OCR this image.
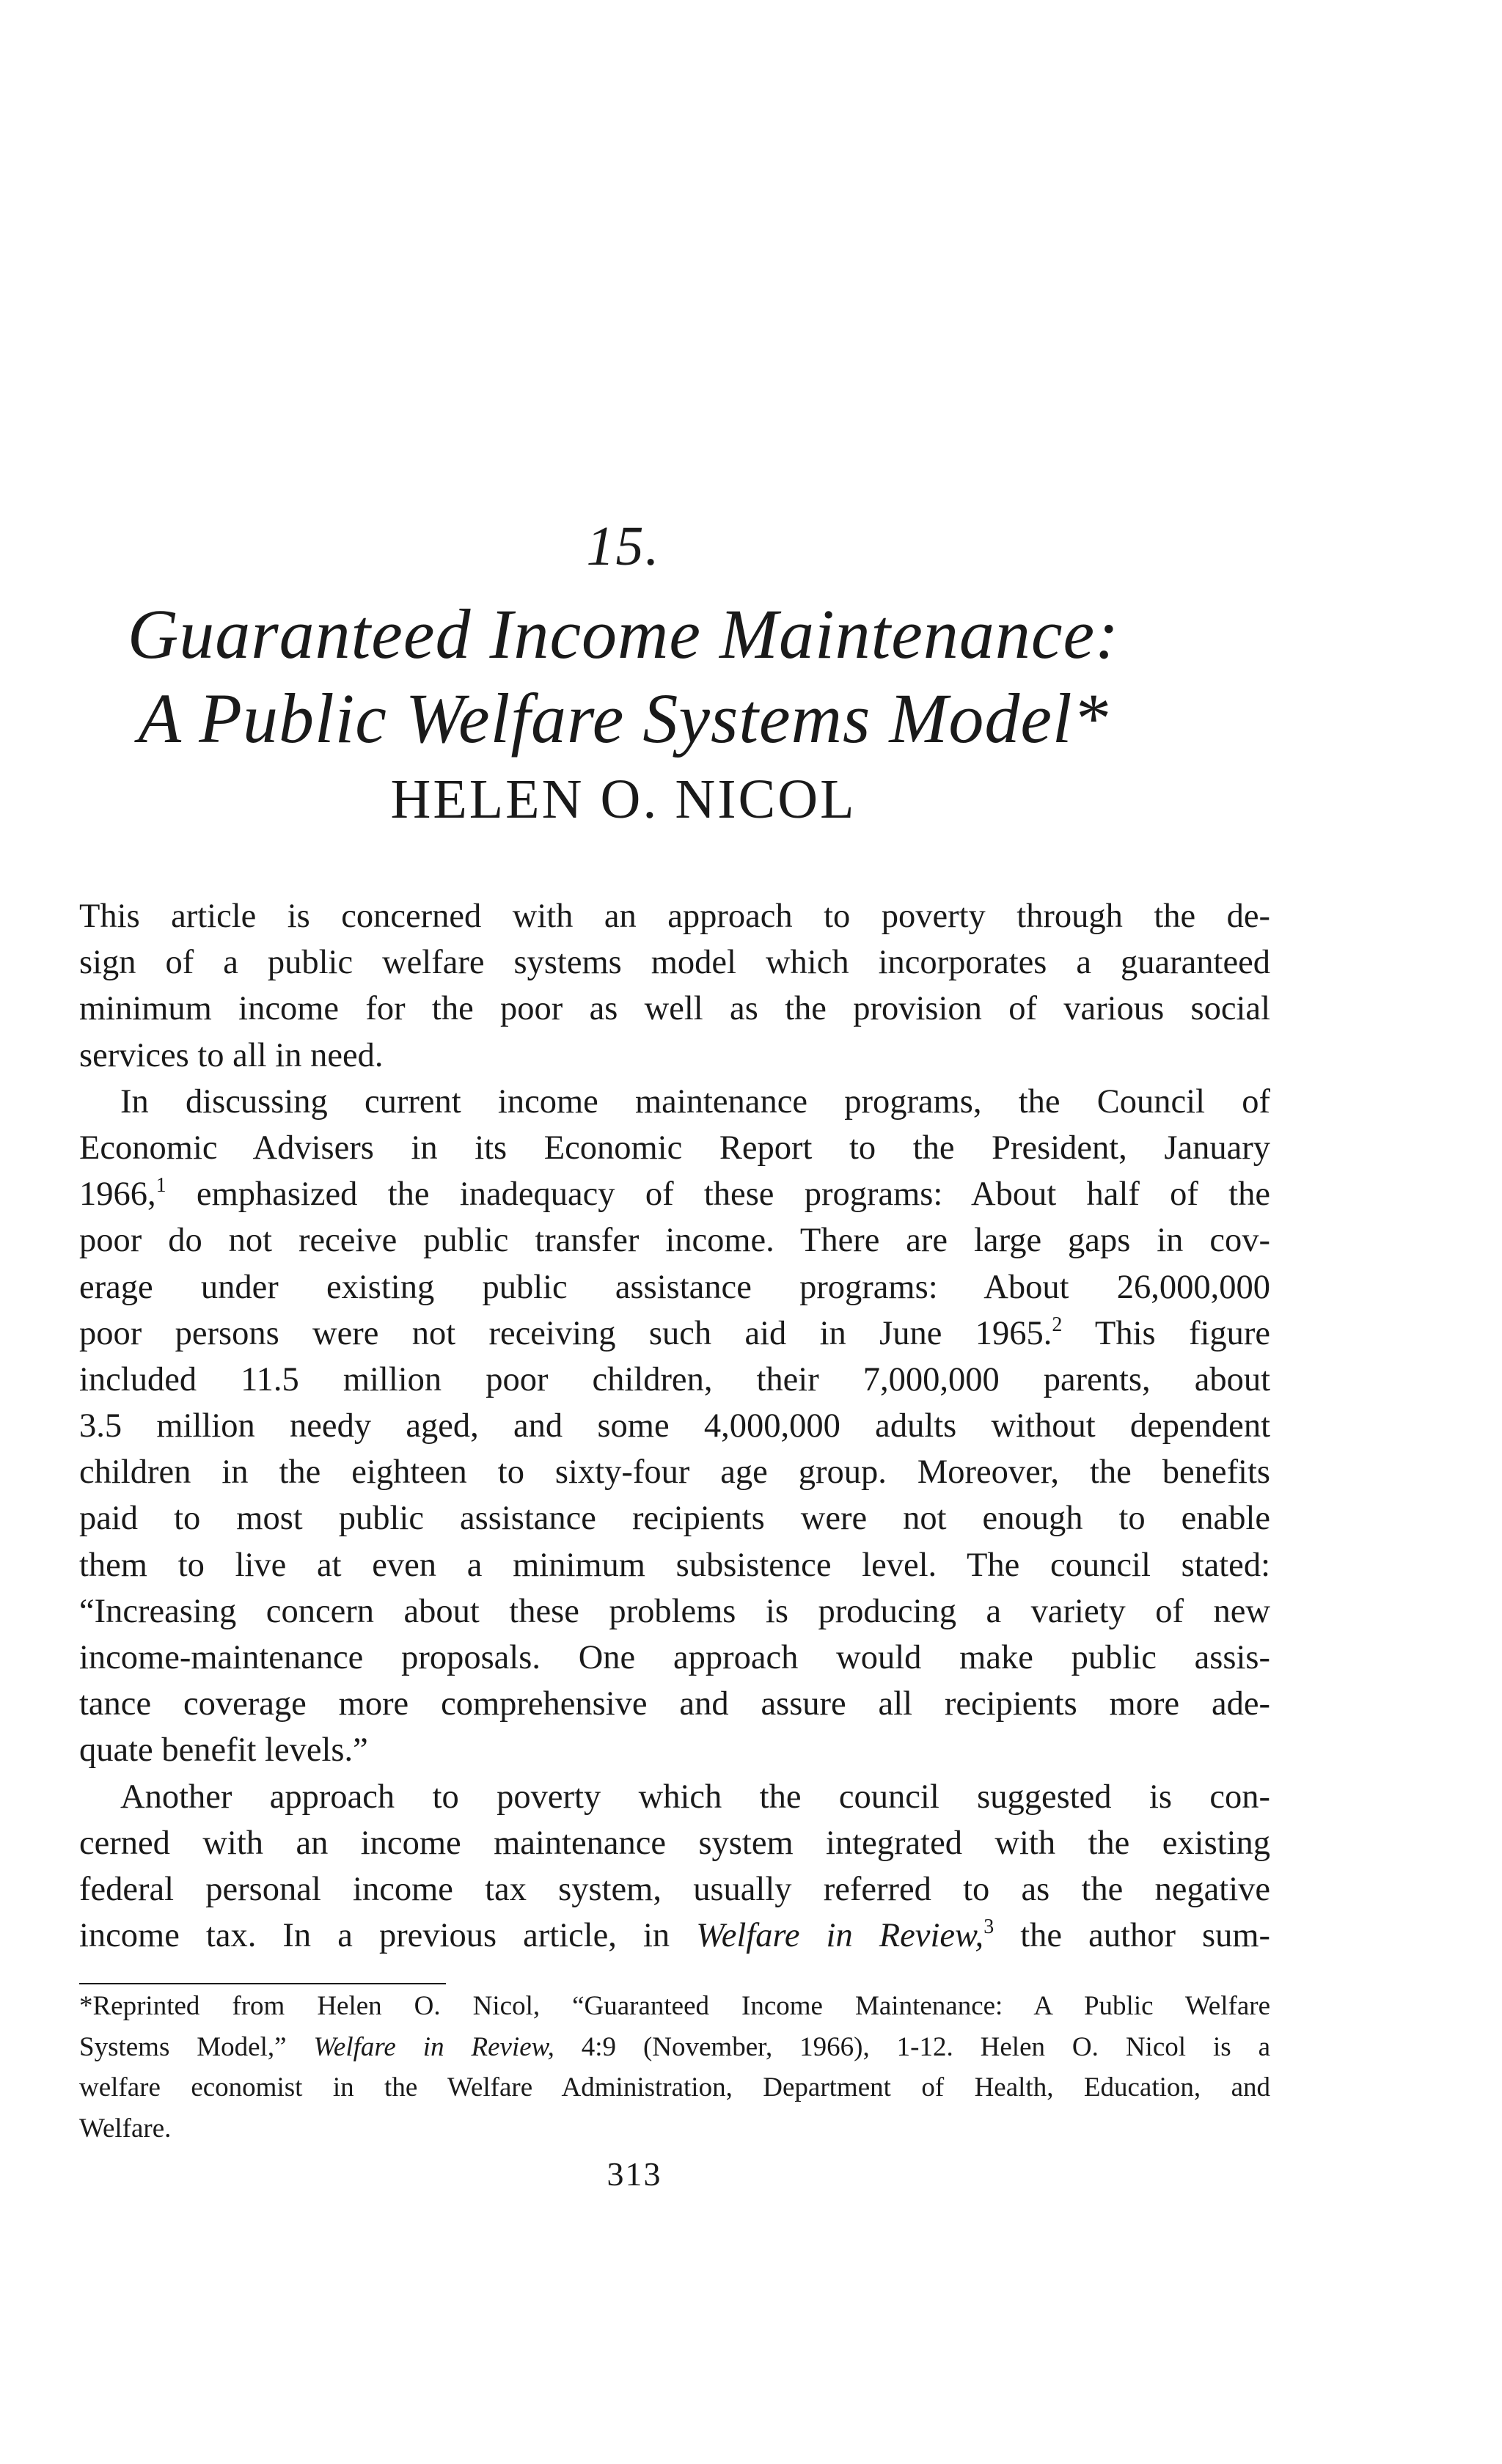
15.
Guaranteed Income Maintenance:
A Public Welfare Systems Model*
HELEN O. NICOL
This article is concerned with an approach to poverty through the de-
sign of a public welfare systems model which incorporates a guaranteed
minimum income for the poor as well as the provision of various social
services to all in need.
In discussing current income maintenance programs, the Council of
Economic Advisers in its Economic Report to the President, January
1966,$^1$ emphasized the inadequacy of these programs: About half of the
poor do not receive public transfer income. There are large gaps in cov-
erage under existing public assistance programs: About 26,000,000
poor persons were not receiving such aid in June 1965.$^2$ This figure
included 11.5 million poor children, their 7,000,000 parents, about
3.5 million needy aged, and some 4,000,000 adults without dependent
children in the eighteen to sixty-four age group. Moreover, the benefits
paid to most public assistance recipients were not enough to enable
them to live at even a minimum subsistence level. The council stated:
“Increasing concern about these problems is producing a variety of new
income-maintenance proposals. One approach would make public assis-
tance coverage more comprehensive and assure all recipients more ade-
quate benefit levels.”
Another approach to poverty which the council suggested is con-
cerned with an income maintenance system integrated with the existing
federal personal income tax system, usually referred to as the negative
income tax. In a previous article, in Welfare in Review,$^3$ the author sum-
*Reprinted from Helen O. Nicol, “Guaranteed Income Maintenance: A Public Welfare
Systems Model,” Welfare in Review, 4:9 (November, 1966), 1-12. Helen O. Nicol is a
welfare economist in the Welfare Administration, Department of Health, Education, and
Welfare.
313
